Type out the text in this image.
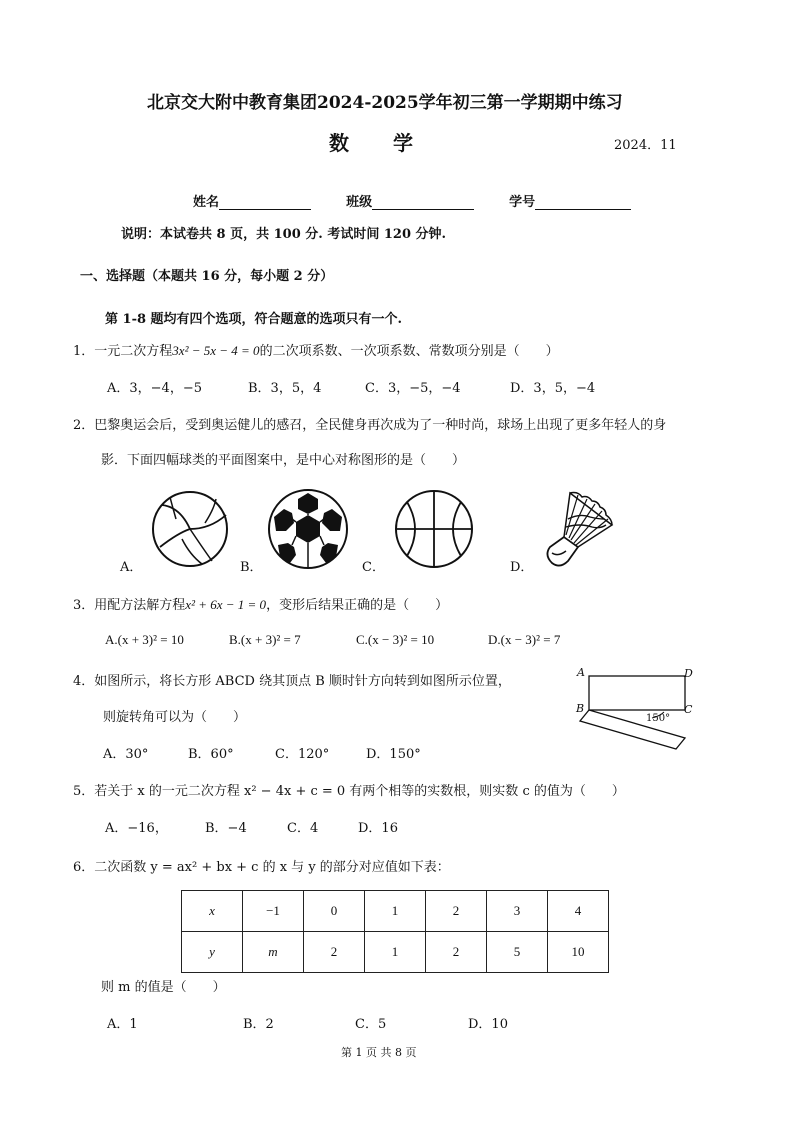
北京交大附中教育集团2024-2025学年初三第一学期期中练习
数学	2024．11
姓名	班级	学号
说明：本试卷共 8 页，共 100 分. 考试时间 120 分钟.
一、选择题（本题共 16 分，每小题 2 分）
第 1-8 题均有四个选项，符合题意的选项只有一个.
1．一元二次方程3x² − 5x − 4 = 0的二次项系数、一次项系数、常数项分别是（　　）
A．3，−4，−5	B．3，5，4	C．3，−5，−4	D．3，5，−4
2．巴黎奥运会后，受到奥运健儿的感召，全民健身再次成为了一种时尚，球场上出现了更多年轻人的身
影．下面四幅球类的平面图案中，是中心对称图形的是（　　）
A．	B．	C．	D．
3．用配方法解方程x² + 6x − 1 = 0，变形后结果正确的是（　　）
A.(x + 3)² = 10	B.(x + 3)² = 7	C.(x − 3)² = 10	D.(x − 3)² = 7
4．如图所示，将长方形 ABCD 绕其顶点 B 顺时针方向转到如图所示位置，
则旋转角可以为（　　）
A．30°	B．60°	C．120°	D．150°
A
B	C
D
150°
5．若关于 x 的一元二次方程 x² − 4x + c = 0 有两个相等的实数根，则实数 c 的值为（　　）
A．−16，	B．−4	C．4	D．16
6．二次函数 y = ax² + bx + c 的 x 与 y 的部分对应值如下表：
x	−1	0	1	2	3	4
y	m	2	1	2	5	10
则 m 的值是（　　）
A．1	B．2	C．5	D．10
第 1 页 共 8 页
